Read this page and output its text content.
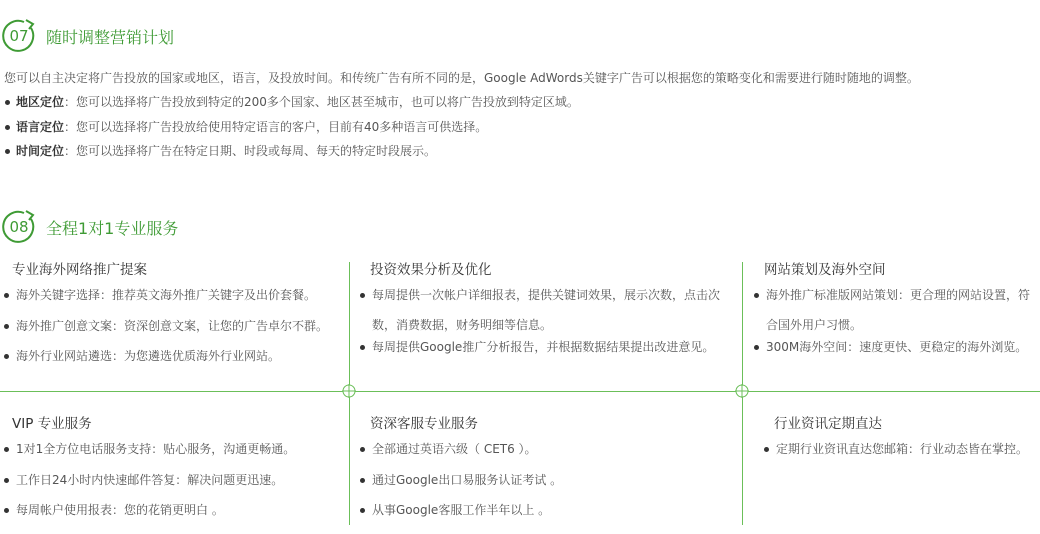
07	随时调整营销计划
您可以自主决定将广告投放的国家或地区，语言，及投放时间。和传统广告有所不同的是，Google AdWords关键字广告可以根据您的策略变化和需要进行随时随地的调整。
地区定位：您可以选择将广告投放到特定的200多个国家、地区甚至城市，也可以将广告投放到特定区域。
语言定位：您可以选择将广告投放给使用特定语言的客户，目前有40多种语言可供选择。
时间定位：您可以选择将广告在特定日期、时段或每周、每天的特定时段展示。
08	全程1对1专业服务
专业海外网络推广提案
海外关键字选择：推荐英文海外推广关键字及出价套餐。
海外推广创意文案：资深创意文案，让您的广告卓尔不群。
海外行业网站遴选：为您遴选优质海外行业网站。
投资效果分析及优化
每周提供一次帐户详细报表，提供关键词效果，展示次数，点击次数，消费数据，财务明细等信息。
每周提供Google推广分析报告，并根据数据结果提出改进意见。
网站策划及海外空间
海外推广标准版网站策划：更合理的网站设置，符合国外用户习惯。
300M海外空间：速度更快、更稳定的海外浏览。
VIP 专业服务
1对1全方位电话服务支持：贴心服务，沟通更畅通。
工作日24小时内快速邮件答复：解决问题更迅速。
每周帐户使用报表：您的花销更明白 。
资深客服专业服务
全部通过英语六级（ CET6 ）。
通过Google出口易服务认证考试 。
从事Google客服工作半年以上 。
行业资讯定期直达
定期行业资讯直达您邮箱：行业动态皆在掌控。
